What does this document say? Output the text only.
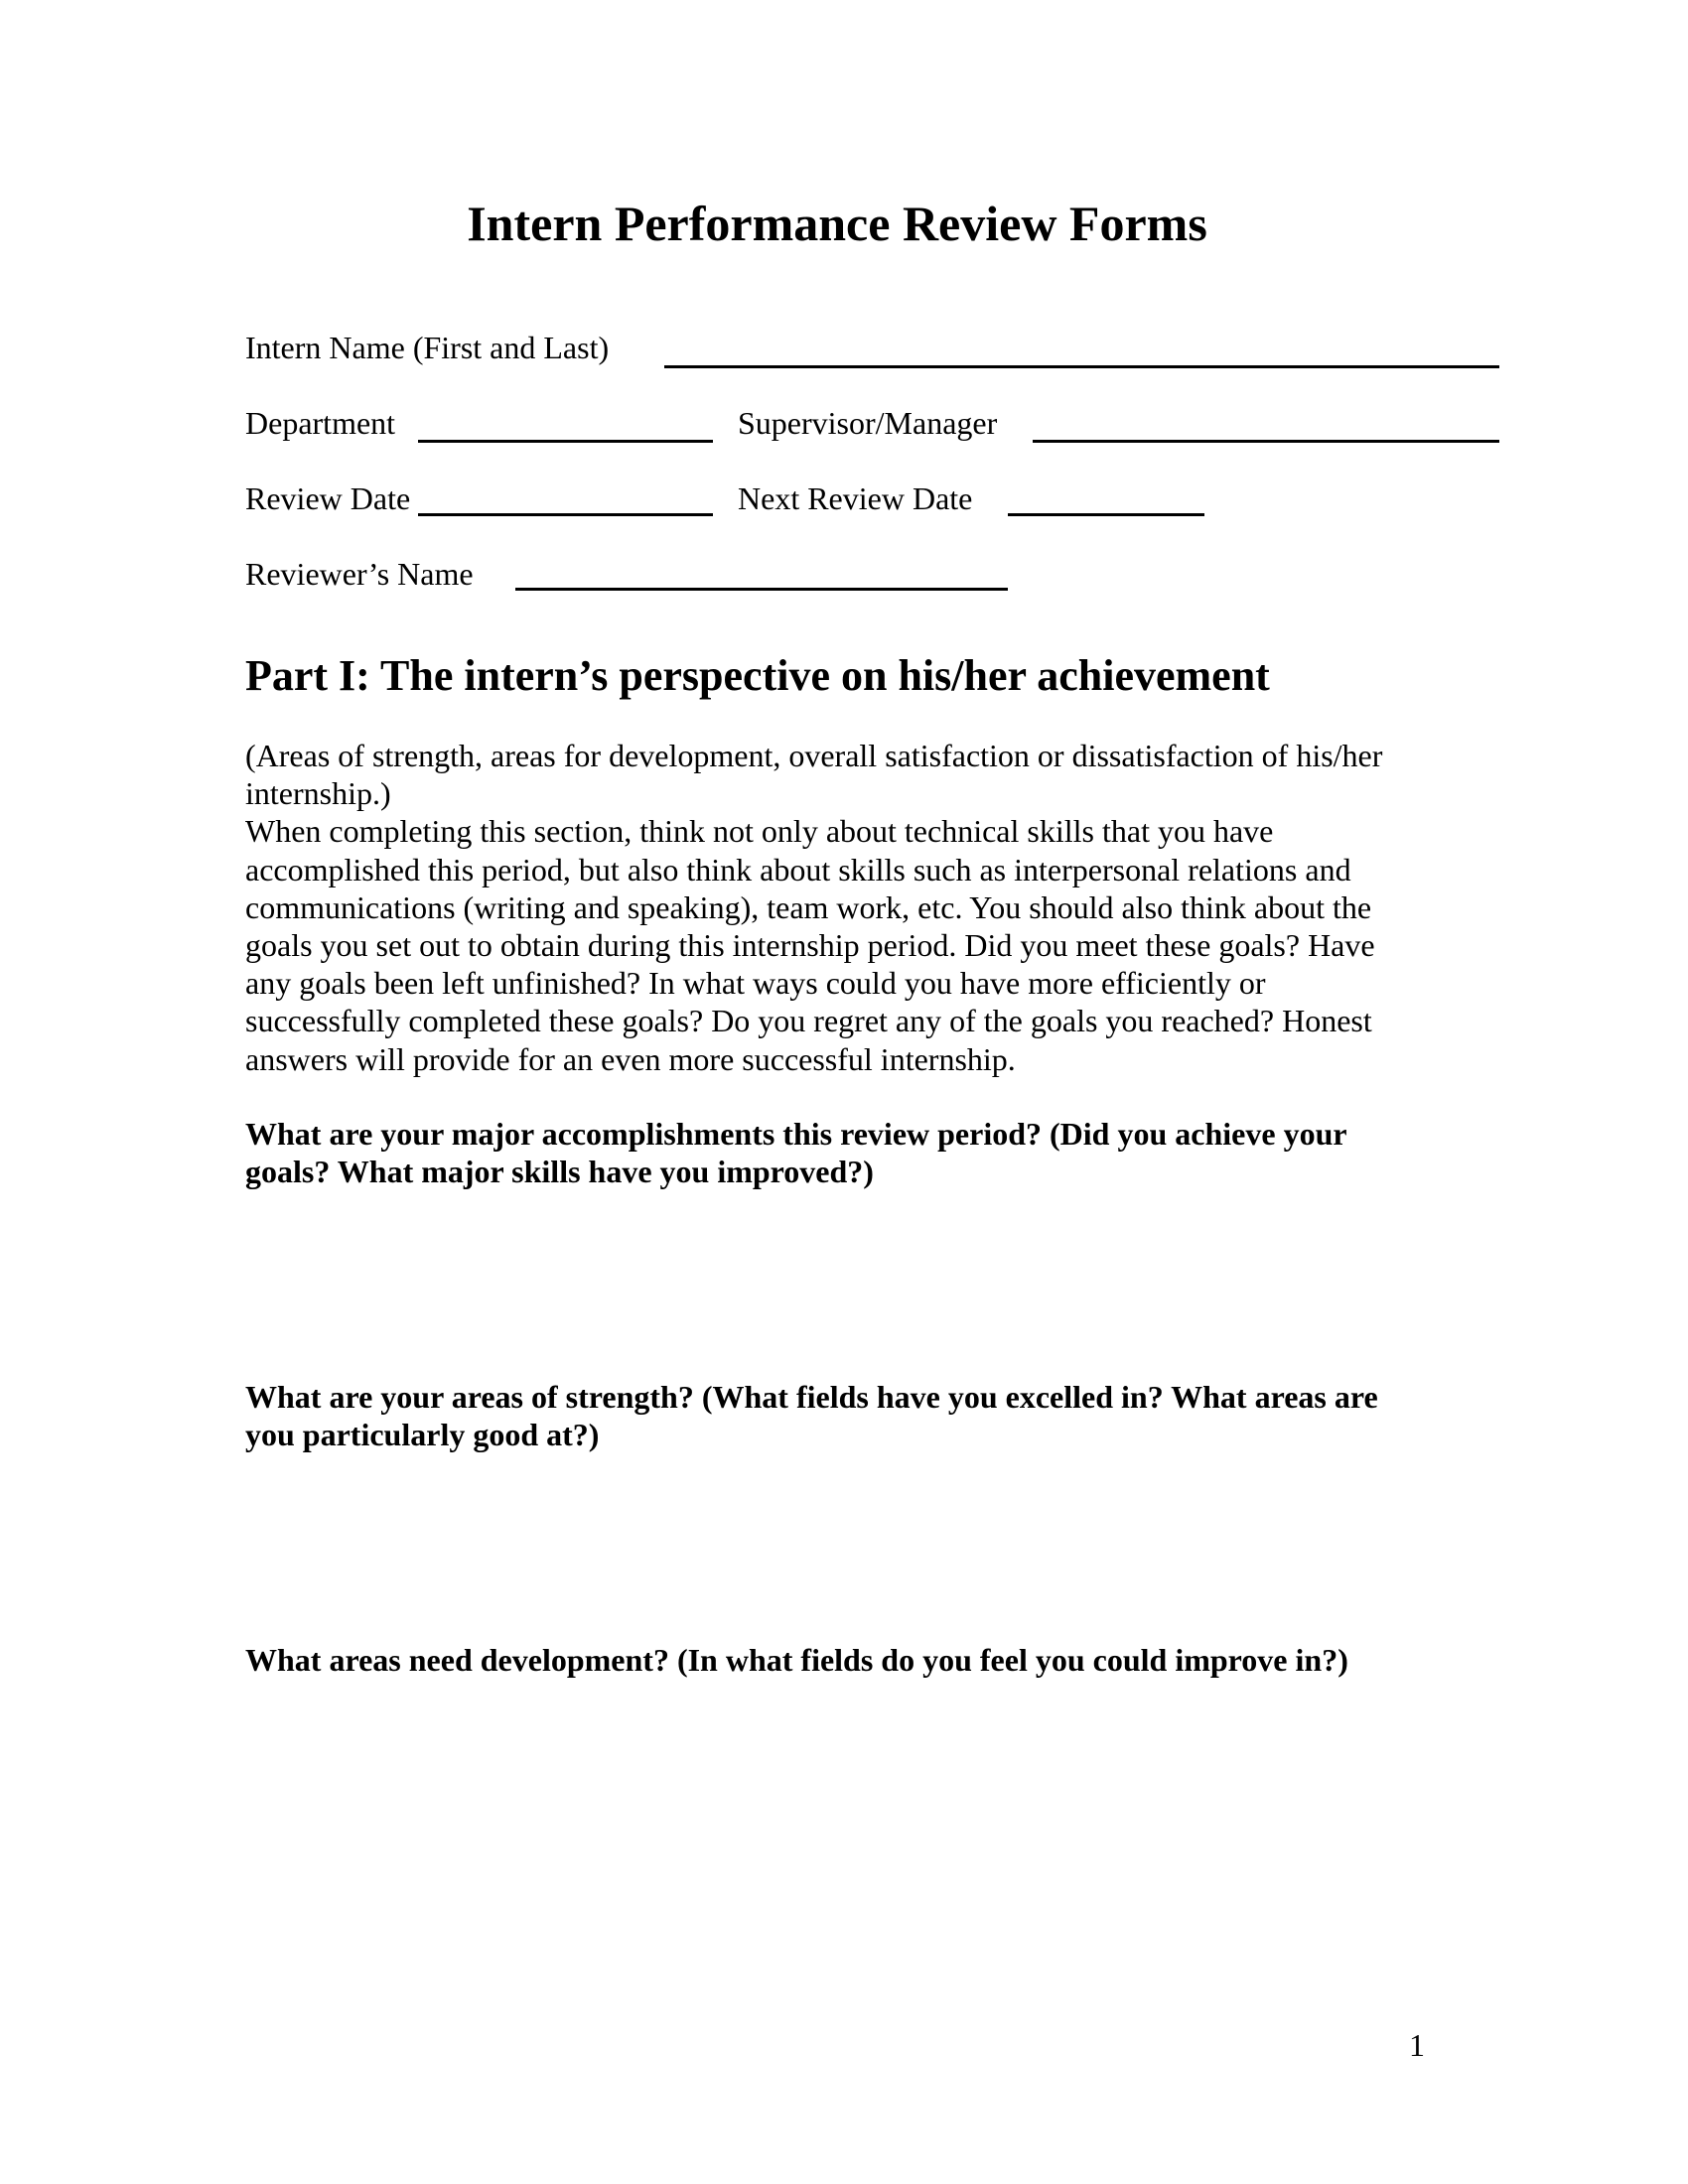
Intern Performance Review Forms
Intern Name (First and Last)
Department	Supervisor/Manager
Review Date	Next Review Date
Reviewer’s Name
Part I: The intern’s perspective on his/her achievement
(Areas of strength, areas for development, overall satisfaction or dissatisfaction of his/her
internship.)
When completing this section, think not only about technical skills that you have
accomplished this period, but also think about skills such as interpersonal relations and
communications (writing and speaking), team work, etc. You should also think about the
goals you set out to obtain during this internship period. Did you meet these goals? Have
any goals been left unfinished? In what ways could you have more efficiently or
successfully completed these goals? Do you regret any of the goals you reached? Honest
answers will provide for an even more successful internship.
What are your major accomplishments this review period? (Did you achieve your
goals? What major skills have you improved?)
What are your areas of strength? (What fields have you excelled in? What areas are
you particularly good at?)
What areas need development? (In what fields do you feel you could improve in?)
1
